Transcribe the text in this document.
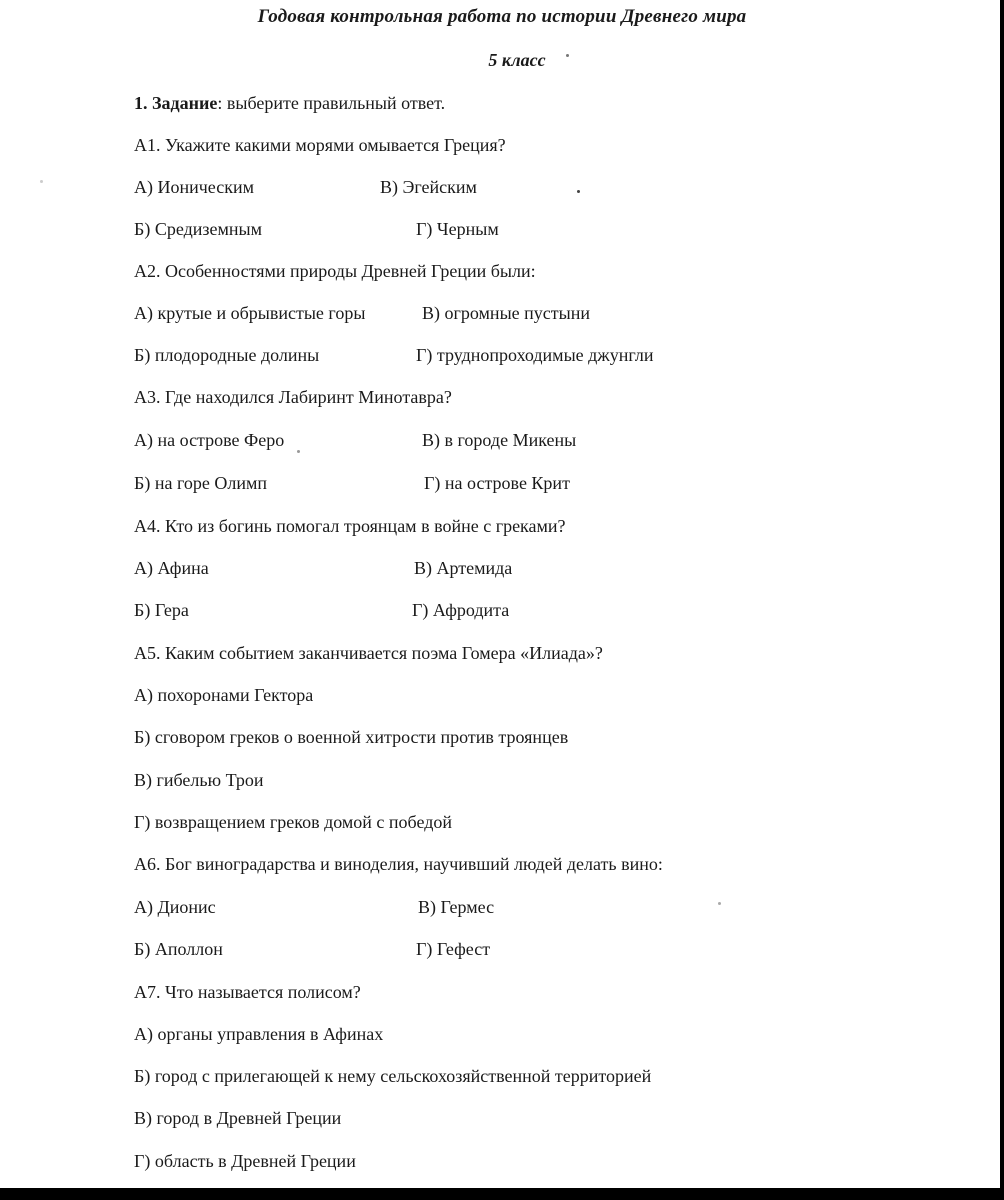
Годовая контрольная работа по истории Древнего мира
5 класс
1. Задание: выберите правильный ответ.
А1. Укажите какими морями омывается Греция?
А) Ионическим	В) Эгейским
Б) Средиземным	Г) Черным
А2. Особенностями природы Древней Греции были:
А) крутые и обрывистые горы	В) огромные пустыни
Б) плодородные долины	Г) труднопроходимые джунгли
А3. Где находился Лабиринт Минотавра?
А) на острове Феро	В) в городе Микены
Б) на горе Олимп	Г) на острове Крит
А4. Кто из богинь помогал троянцам в войне с греками?
А) Афина	В) Артемида
Б) Гера	Г) Афродита
А5. Каким событием заканчивается поэма Гомера «Илиада»?
А) похоронами Гектора
Б) сговором греков о военной хитрости против троянцев
В) гибелью Трои
Г) возвращением греков домой с победой
А6. Бог виноградарства и виноделия, научивший людей делать вино:
А) Дионис	В) Гермес
Б) Аполлон	Г) Гефест
А7. Что называется полисом?
А) органы управления в Афинах
Б) город с прилегающей к нему сельскохозяйственной территорией
В) город в Древней Греции
Г) область в Древней Греции
